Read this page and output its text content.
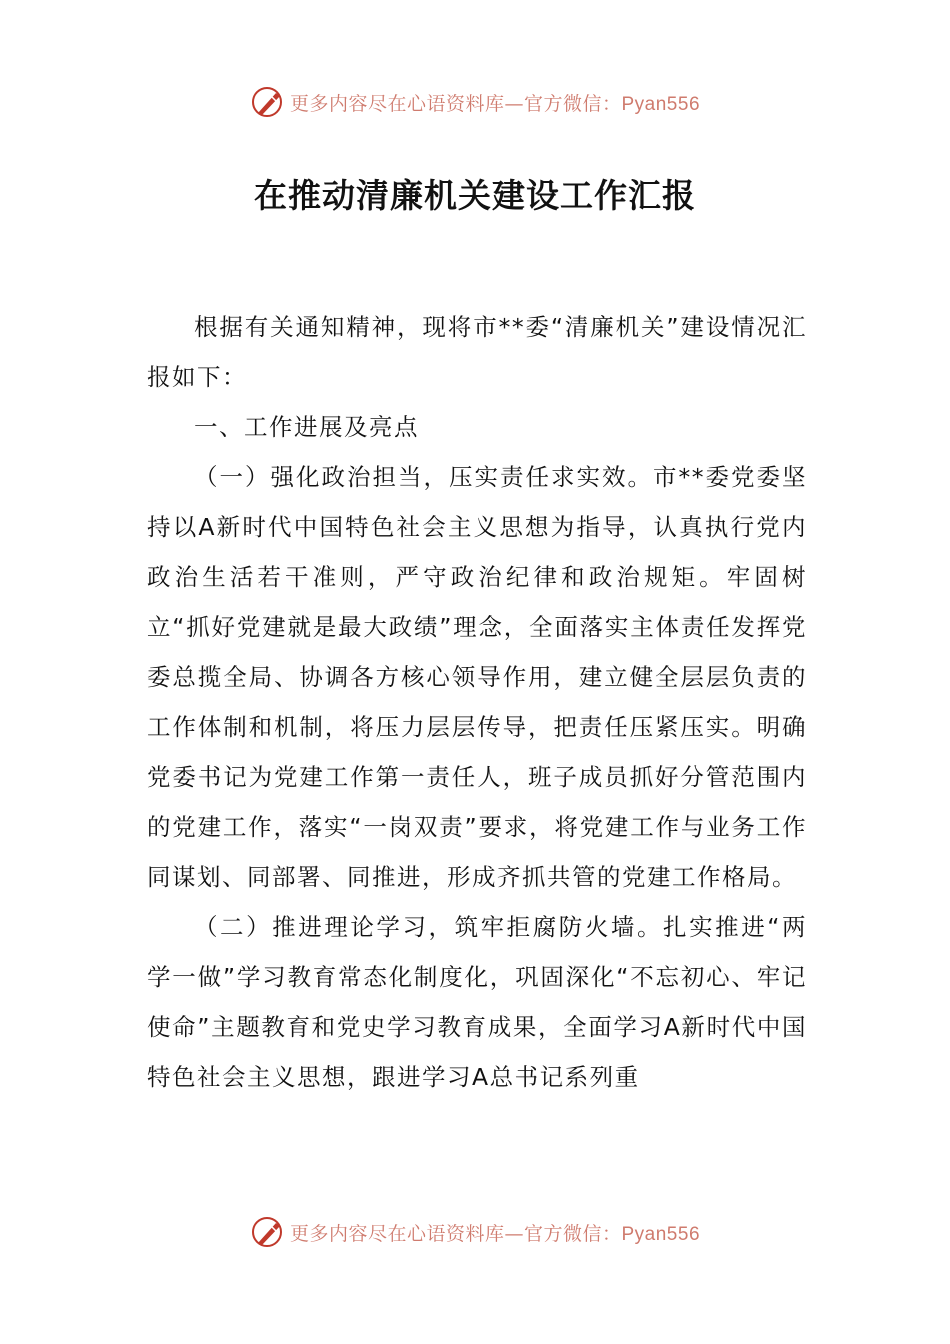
更多内容尽在心语资料库—官方微信：Pyan556
在推动清廉机关建设工作汇报

根据有关通知精神，现将市**委“清廉机关”建设情况汇报如下：

一、工作进展及亮点

（一）强化政治担当，压实责任求实效。市**委党委坚持以A新时代中国特色社会主义思想为指导，认真执行党内政治生活若干准则，严守政治纪律和政治规矩。牢固树立“抓好党建就是最大政绩”理念，全面落实主体责任发挥党委总揽全局、协调各方核心领导作用，建立健全层层负责的工作体制和机制，将压力层层传导，把责任压紧压实。明确党委书记为党建工作第一责任人，班子成员抓好分管范围内的党建工作，落实“一岗双责”要求，将党建工作与业务工作同谋划、同部署、同推进，形成齐抓共管的党建工作格局。

（二）推进理论学习，筑牢拒腐防火墙。扎实推进“两学一做”学习教育常态化制度化，巩固深化“不忘初心、牢记使命”主题教育和党史学习教育成果，全面学习A新时代中国特色社会主义思想，跟进学习A总书记系列重

更多内容尽在心语资料库—官方微信：Pyan556
